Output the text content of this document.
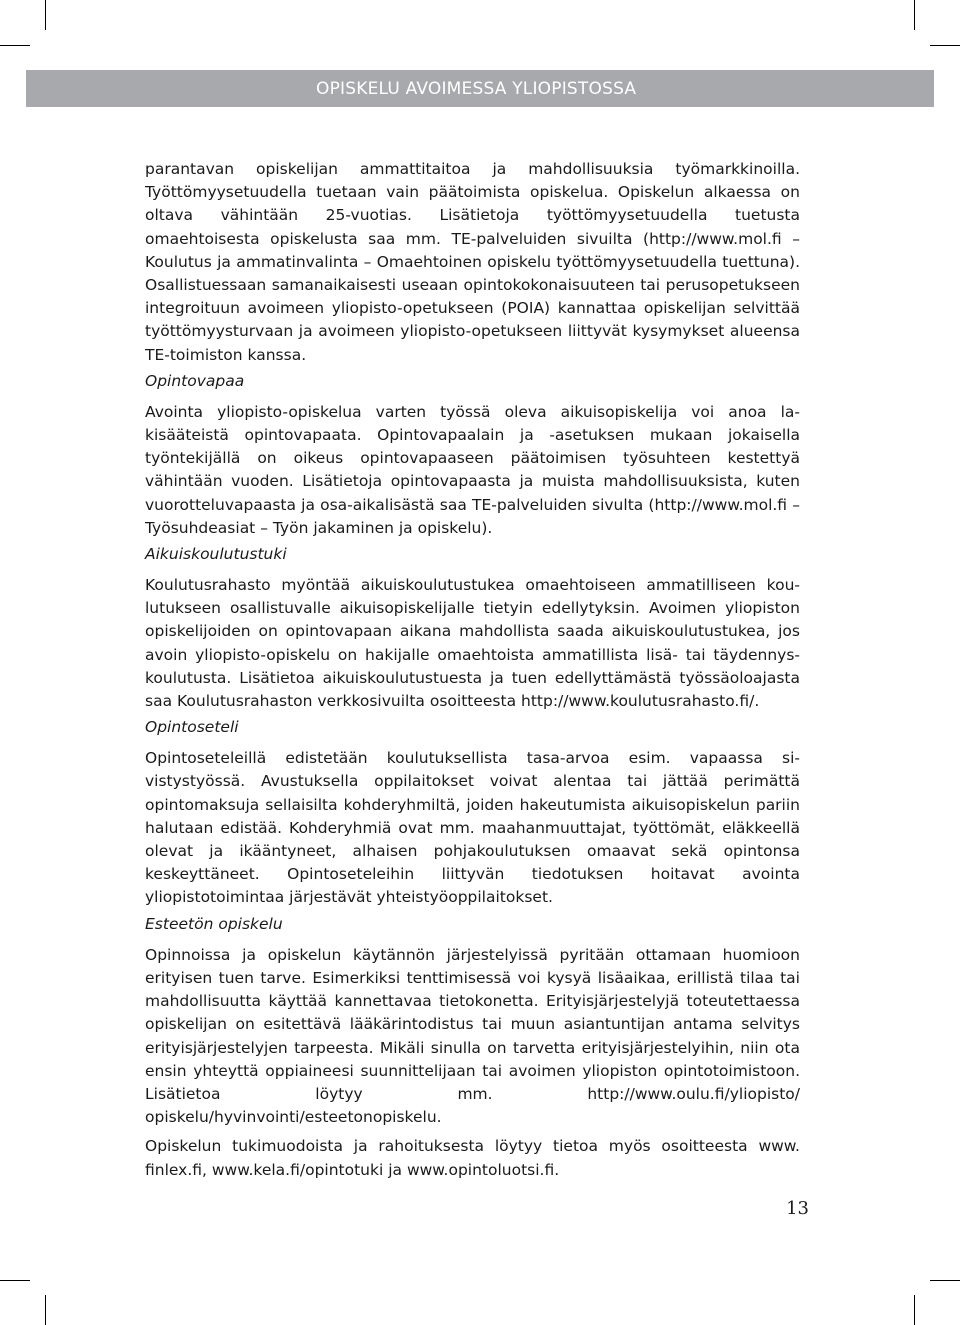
OPISKELU AVOIMESSA YLIOPISTOSSA

parantavan opiskelijan ammattitaitoa ja mahdollisuuksia työmarkkinoilla. Työttömyysetuudella tuetaan vain päätoimista opiskelua. Opiskelun alkaessa on oltava vähintään 25-vuotias. Lisätietoja työttömyysetuudella tuetusta omaehtoisesta opiskelusta saa mm. TE-palveluiden sivuilta (http://www.mol.​fi – Koulutus ja ammatinvalinta – Omaehtoinen opiskelu työttömyysetuudella tuettuna). Osallistuessaan samanaikaisesti useaan opintokokonaisuuteen tai perusopetukseen integroituun avoimeen yliopisto-opetukseen (POIA) kannattaa opiskelijan selvittää työttömyysturvaan ja avoimeen yliopisto-opetukseen liittyvät kysymykset alueensa TE-toimiston kanssa.

Opintovapaa

Avointa yliopisto-opiskelua varten työssä oleva aikuisopiskelija voi anoa lakisääteistä opintovapaata. Opintovapaalain ja -asetuksen mukaan jokaisella työntekijällä on oikeus opintovapaaseen päätoimisen työsuhteen kestettyä vähintään vuoden. Lisätietoja opintovapaasta ja muista mahdollisuuksista, kuten vuorotteluvapaasta ja osa-aikalisästä saa TE-palveluiden sivulta (http://www.​mol.fi – Työsuhdeasiat – Työn jakaminen ja opiskelu).

Aikuiskoulutustuki

Koulutusrahasto myöntää aikuiskoulutustukea omaehtoiseen ammatilliseen koulutukseen osallistuvalle aikuisopiskelijalle tietyin edellytyksin. Avoimen yliopiston opiskelijoiden on opintovapaan aikana mahdollista saada aikuiskoulutustukea, jos avoin yliopisto-opiskelu on hakijalle omaehtoista ammatillista lisä- tai täydennyskoulutusta. Lisätietoa aikuiskoulutustuesta ja tuen edellyttämästä työssäoloajasta saa Koulutusrahaston verkkosivuilta osoitteesta http://www.koulutusrahasto.fi/.

Opintoseteli

Opintoseteleillä edistetään koulutuksellista tasa-arvoa esim. vapaassa sivistystyössä. Avustuksella oppilaitokset voivat alentaa tai jättää perimättä opintomaksuja sellaisilta kohderyhmiltä, joiden hakeutumista aikuisopiskelun pariin halutaan edistää. Kohderyhmiä ovat mm. maahanmuuttajat, työttömät, eläkkeellä olevat ja ikääntyneet, alhaisen pohjakoulutuksen omaavat sekä opintonsa keskeyttäneet. Opintoseteleihin liittyvän tiedotuksen hoitavat avointa yliopistotoimintaa järjestävät yhteistyöoppilaitokset.

Esteetön opiskelu

Opinnoissa ja opiskelun käytännön järjestelyissä pyritään ottamaan huomioon erityisen tuen tarve. Esimerkiksi tenttimisessä voi kysyä lisäaikaa, erillistä tilaa tai mahdollisuutta käyttää kannettavaa tietokonetta. Erityisjärjestelyjä toteutettaessa opiskelijan on esitettävä lääkärintodistus tai muun asiantuntijan antama selvitys erityisjärjestelyjen tarpeesta. Mikäli sinulla on tarvetta erityisjärjestelyihin, niin ota ensin yhteyttä oppiaineesi suunnittelijaan tai avoimen yliopiston opintotoimistoon. Lisätietoa löytyy mm. http://www.oulu.fi/yliopisto/​opiskelu/hyvinvointi/esteetonopiskelu.

Opiskelun tukimuodoista ja rahoituksesta löytyy tietoa myös osoitteesta www.​finlex.fi, www.kela.fi/opintotuki ja www.opintoluotsi.fi.

13
